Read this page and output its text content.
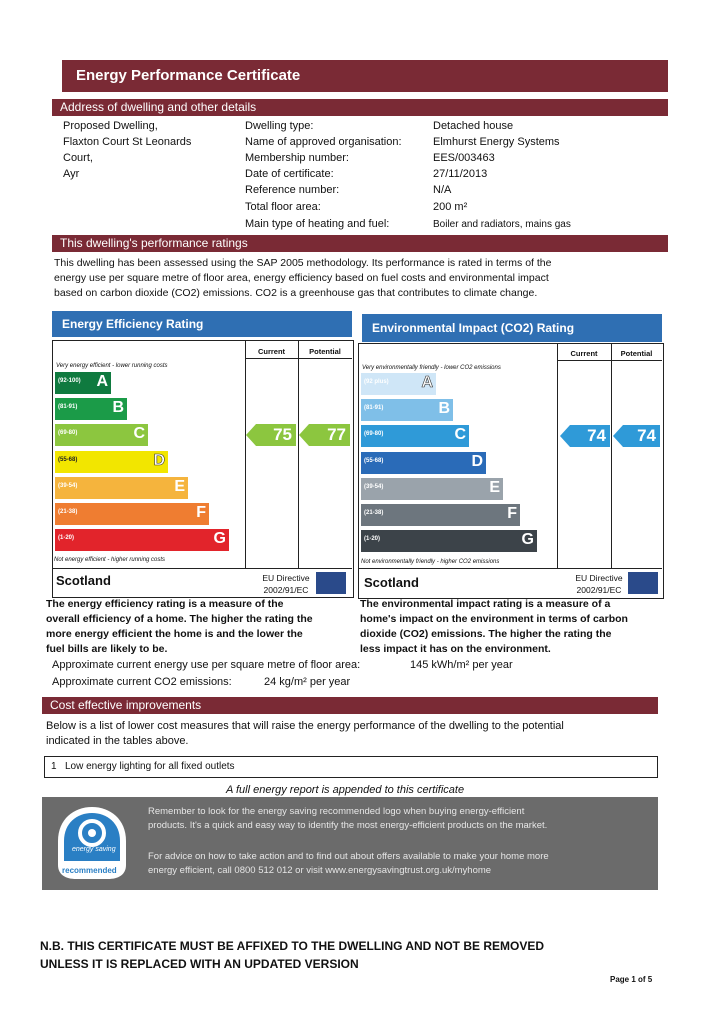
Energy Performance Certificate
Address of dwelling and other details
Proposed Dwelling,
Flaxton Court St Leonards
Court,
Ayr
Dwelling type:	Detached house
Name of approved organisation:	Elmhurst Energy Systems
Membership number:	EES/003463
Date of certificate:	27/11/2013
Reference number:	N/A
Total floor area:	200 m²
Main type of heating and fuel:	Boiler and radiators, mains gas
This dwelling's performance ratings
This dwelling has been assessed using the SAP 2005 methodology. Its performance is rated in terms of the
energy use per square metre of floor area, energy efficiency based on fuel costs and environmental impact
based on carbon dioxide (CO2) emissions. CO2 is a greenhouse gas that contributes to climate change.
Energy Efficiency Rating
Current	Potential
Very energy efficient - lower running costs
(92-100) A
(81-91) B
(69-80)	C
(55-68)	D
(39-54)	E
(21-38)	F
(1-20)	G
Not energy efficient - higher running costs
75 77
Scotland	EU Directive
2002/91/EC
Environmental Impact (CO2) Rating
Current	Potential
Very environmentally friendly - lower CO2 emissions
(92 plus) A
(81-91)	B
(69-80)	C
(55-68)	D
(39-54)	E
(21-38)	F
(1-20)	G
Not environmentally friendly - higher CO2 emissions
74 74
Scotland	EU Directive
2002/91/EC
The energy efficiency rating is a measure of the
overall efficiency of a home. The higher the rating the
more energy efficient the home is and the lower the
fuel bills are likely to be.
The environmental impact rating is a measure of a
home's impact on the environment in terms of carbon
dioxide (CO2) emissions. The higher the rating the
less impact it has on the environment.
Approximate current energy use per square metre of floor area:	145 kWh/m² per year
Approximate current CO2 emissions:	24 kg/m² per year
Cost effective improvements
Below is a list of lower cost measures that will raise the energy performance of the dwelling to the potential
indicated in the tables above.
1 Low energy lighting for all fixed outlets
A full energy report is appended to this certificate
energy saving
recommended
Remember to look for the energy saving recommended logo when buying energy-efficient
products. It's a quick and easy way to identify the most energy-efficient products on the market.
For advice on how to take action and to find out about offers available to make your home more
energy efficient, call 0800 512 012 or visit www.energysavingtrust.org.uk/myhome
N.B. THIS CERTIFICATE MUST BE AFFIXED TO THE DWELLING AND NOT BE REMOVED
UNLESS IT IS REPLACED WITH AN UPDATED VERSION
Page 1 of 5
